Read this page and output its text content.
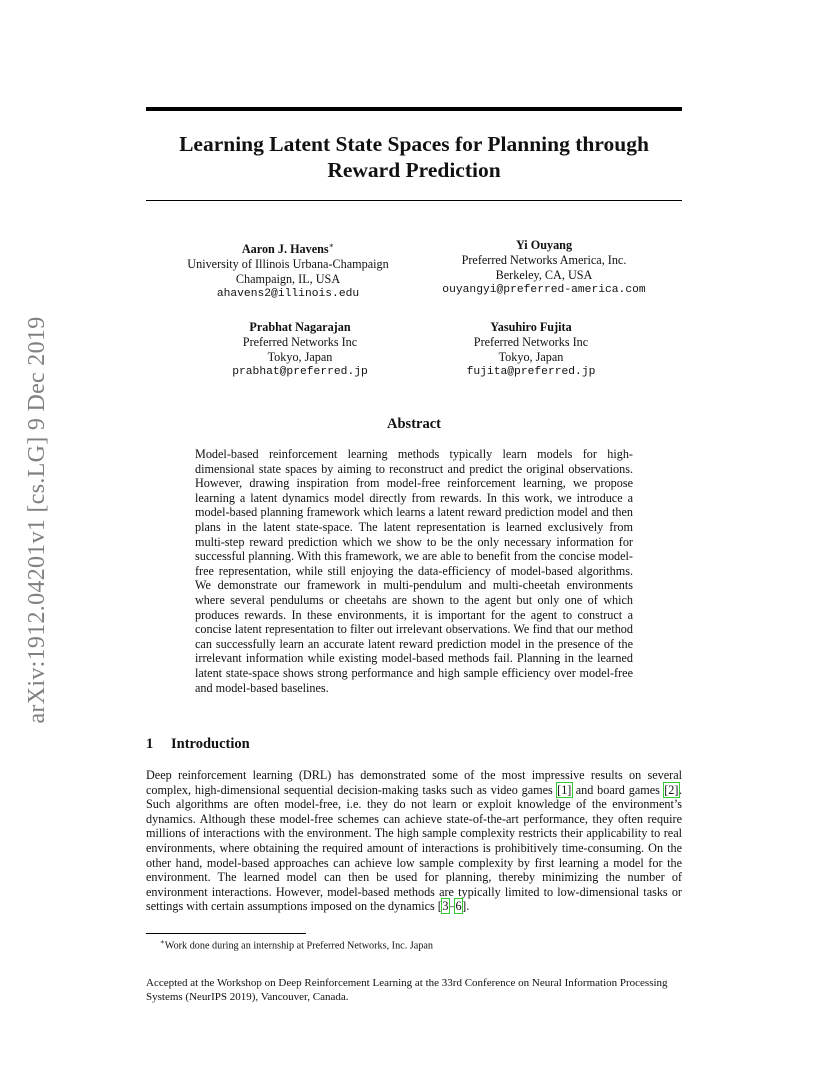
arXiv:1912.04201v1 [cs.LG] 9 Dec 2019
Learning Latent State Spaces for Planning through
Reward Prediction
Aaron J. Havens∗
University of Illinois Urbana-Champaign
Champaign, IL, USA
ahavens2@illinois.edu
Yi Ouyang
Preferred Networks America, Inc.
Berkeley, CA, USA
ouyangyi@preferred-america.com
Prabhat Nagarajan
Preferred Networks Inc
Tokyo, Japan
prabhat@preferred.jp
Yasuhiro Fujita
Preferred Networks Inc
Tokyo, Japan
fujita@preferred.jp
Abstract

Model-based reinforcement learning methods typically learn models for high-dimensional state spaces by aiming to reconstruct and predict the original observations. However, drawing inspiration from model-free reinforcement learning, we propose learning a latent dynamics model directly from rewards. In this work, we introduce a model-based planning framework which learns a latent reward prediction model and then plans in the latent state-space. The latent representation is learned exclusively from multi-step reward prediction which we show to be the only necessary information for successful planning. With this framework, we are able to benefit from the concise model-free representation, while still enjoying the data-efficiency of model-based algorithms. We demonstrate our framework in multi-pendulum and multi-cheetah environments where several pendulums or cheetahs are shown to the agent but only one of which produces rewards. In these environments, it is important for the agent to construct a concise latent representation to filter out irrelevant observations. We find that our method can successfully learn an accurate latent reward prediction model in the presence of the irrelevant information while existing model-based methods fail. Planning in the learned latent state-space shows strong performance and high sample efficiency over model-free and model-based baselines.

1 Introduction

Deep reinforcement learning (DRL) has demonstrated some of the most impressive results on several complex, high-dimensional sequential decision-making tasks such as video games [1] and board games [2]. Such algorithms are often model-free, i.e. they do not learn or exploit knowledge of the environment’s dynamics. Although these model-free schemes can achieve state-of-the-art performance, they often require millions of interactions with the environment. The high sample complexity restricts their applicability to real environments, where obtaining the required amount of interactions is prohibitively time-consuming. On the other hand, model-based approaches can achieve low sample complexity by first learning a model for the environment. The learned model can then be used for planning, thereby minimizing the number of environment interactions. However, model-based methods are typically limited to low-dimensional tasks or settings with certain assumptions imposed on the dynamics [3–6].

∗Work done during an internship at Preferred Networks, Inc. Japan
Accepted at the Workshop on Deep Reinforcement Learning at the 33rd Conference on Neural Information Processing Systems (NeurIPS 2019), Vancouver, Canada.
